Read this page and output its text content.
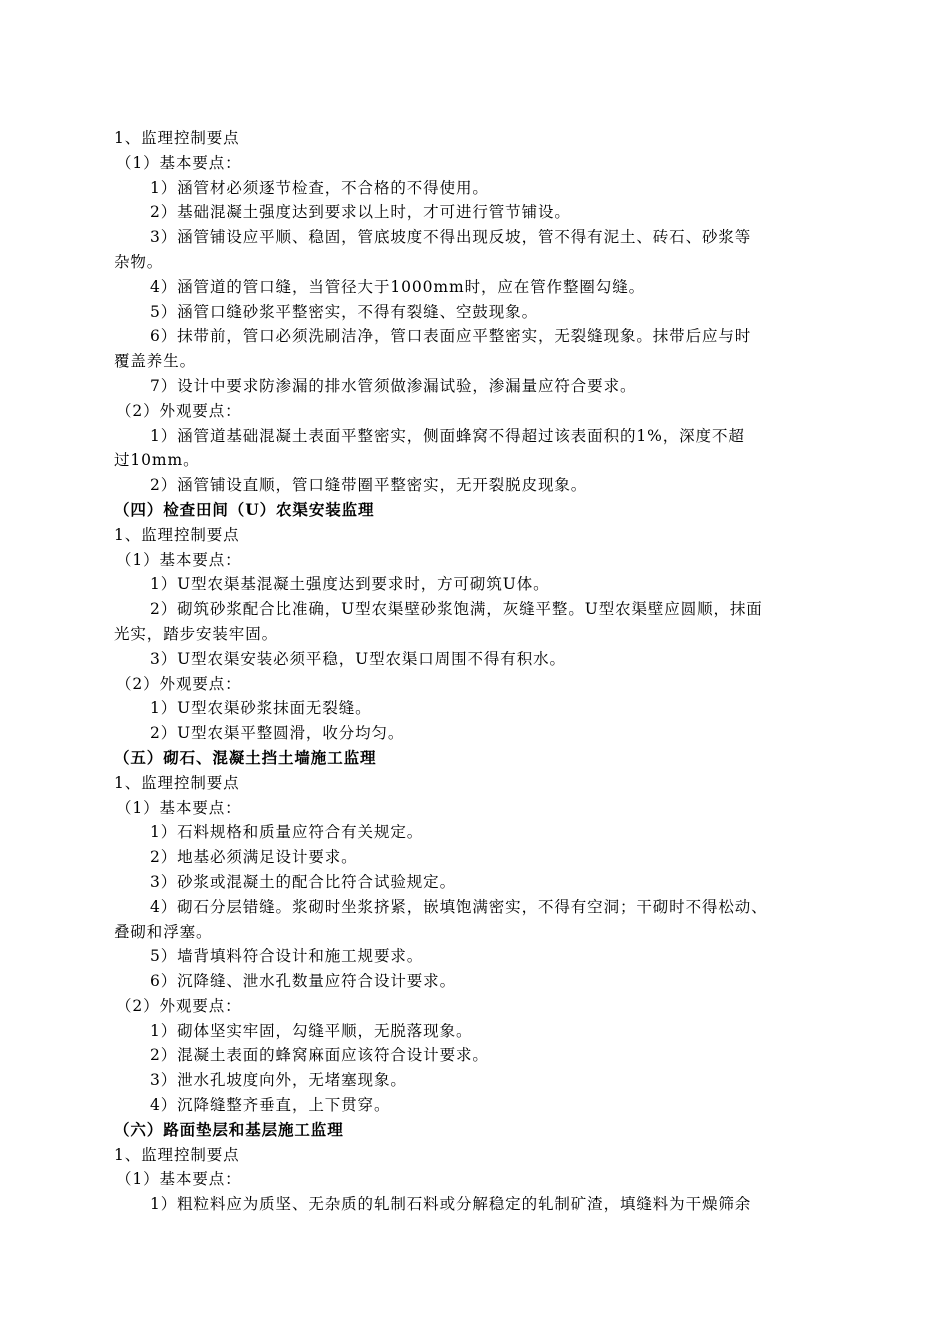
1、监理控制要点

（1）基本要点：

1）涵管材必须逐节检查，不合格的不得使用。

2）基础混凝土强度达到要求以上时，才可进行管节铺设。

3）涵管铺设应平顺、稳固，管底坡度不得出现反坡，管不得有泥土、砖石、砂浆等

杂物。

4）涵管道的管口缝，当管径大于1000mm时，应在管作整圈勾缝。

5）涵管口缝砂浆平整密实，不得有裂缝、空鼓现象。

6）抹带前，管口必须洗刷洁净，管口表面应平整密实，无裂缝现象。抹带后应与时

覆盖养生。

7）设计中要求防渗漏的排水管须做渗漏试验，渗漏量应符合要求。

（2）外观要点：

1）涵管道基础混凝土表面平整密实，侧面蜂窝不得超过该表面积的1%，深度不超

过10mm。

2）涵管铺设直顺，管口缝带圈平整密实，无开裂脱皮现象。

（四）检查田间（U）农渠安装监理

1、监理控制要点

（1）基本要点：

1）U型农渠基混凝土强度达到要求时，方可砌筑U体。

2）砌筑砂浆配合比准确，U型农渠壁砂浆饱满，灰缝平整。U型农渠壁应圆顺，抹面

光实，踏步安装牢固。

3）U型农渠安装必须平稳，U型农渠口周围不得有积水。

（2）外观要点：

1）U型农渠砂浆抹面无裂缝。

2）U型农渠平整圆滑，收分均匀。

（五）砌石、混凝土挡土墙施工监理

1、监理控制要点

（1）基本要点：

1）石料规格和质量应符合有关规定。

2）地基必须满足设计要求。

3）砂浆或混凝土的配合比符合试验规定。

4）砌石分层错缝。浆砌时坐浆挤紧，嵌填饱满密实，不得有空洞；干砌时不得松动、

叠砌和浮塞。

5）墙背填料符合设计和施工规要求。

6）沉降缝、泄水孔数量应符合设计要求。

（2）外观要点：

1）砌体坚实牢固，勾缝平顺，无脱落现象。

2）混凝土表面的蜂窝麻面应该符合设计要求。

3）泄水孔坡度向外，无堵塞现象。

4）沉降缝整齐垂直，上下贯穿。

（六）路面垫层和基层施工监理

1、监理控制要点

（1）基本要点：

1）粗粒料应为质坚、无杂质的轧制石料或分解稳定的轧制矿渣，填缝料为干燥筛余
